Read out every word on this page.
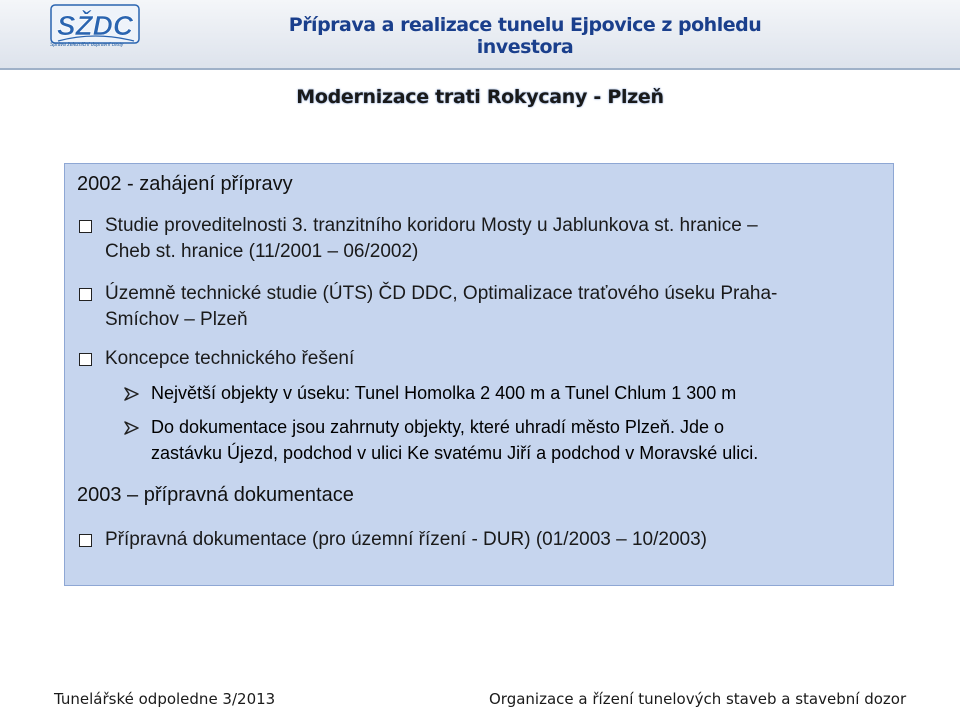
SŽDC
Správa železniční dopravní cesty
Příprava a realizace tunelu Ejpovice z pohledu investora
Modernizace trati Rokycany - Plzeň
2002 - zahájení přípravy
Studie proveditelnosti 3. tranzitního koridoru Mosty u Jablunkova st. hranice –
Cheb st. hranice (11/2001 – 06/2002)
Územně technické studie (ÚTS) ČD DDC, Optimalizace traťového úseku Praha-
Smíchov – Plzeň
Koncepce technického řešení
Největší objekty v úseku: Tunel Homolka 2 400 m a Tunel Chlum 1 300 m
Do dokumentace jsou zahrnuty objekty, které uhradí město Plzeň. Jde o
zastávku Újezd, podchod v ulici Ke svatému Jiří a podchod v Moravské ulici.
2003 – přípravná dokumentace
Přípravná dokumentace (pro územní řízení - DUR) (01/2003 – 10/2003)
Tunelářské odpoledne 3/2013	Organizace a řízení tunelových staveb a stavební dozor
